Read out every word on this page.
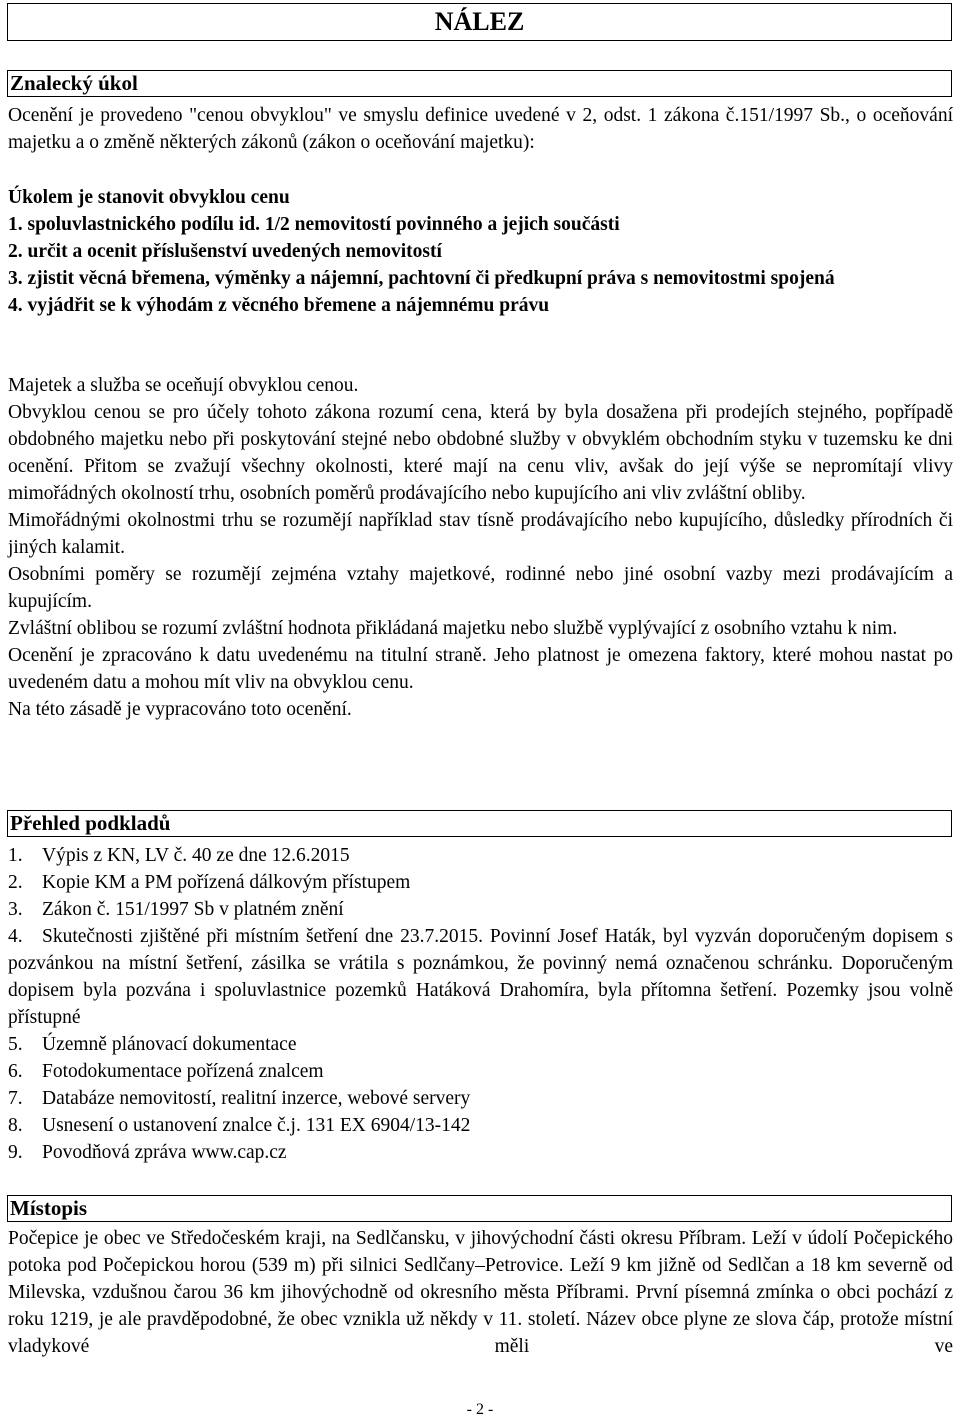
NÁLEZ
Znalecký úkol
Ocenění je provedeno "cenou obvyklou" ve smyslu definice uvedené v 2, odst. 1 zákona č.151/1997 Sb., o oceňování majetku a o změně některých zákonů (zákon o oceňování majetku):

Úkolem je stanovit obvyklou cenu

1. spoluvlastnického podílu id. 1/2 nemovitostí povinného a jejich součásti

2. určit a ocenit příslušenství uvedených nemovitostí

3. zjistit věcná břemena, výměnky a nájemní, pachtovní či předkupní práva s nemovitostmi spojená

4. vyjádřit se k výhodám z věcného břemene a nájemnému právu

Majetek a služba se oceňují obvyklou cenou.

Obvyklou cenou se pro účely tohoto zákona rozumí cena, která by byla dosažena při prodejích stejného, popřípadě obdobného majetku nebo při poskytování stejné nebo obdobné služby v obvyklém obchodním styku v tuzemsku ke dni ocenění. Přitom se zvažují všechny okolnosti, které mají na cenu vliv, avšak do její výše se nepromítají vlivy mimořádných okolností trhu, osobních poměrů prodávajícího nebo kupujícího ani vliv zvláštní obliby.

Mimořádnými okolnostmi trhu se rozumějí například stav tísně prodávajícího nebo kupujícího, důsledky přírodních či jiných kalamit.

Osobními poměry se rozumějí zejména vztahy majetkové, rodinné nebo jiné osobní vazby mezi prodávajícím a kupujícím.

Zvláštní oblibou se rozumí zvláštní hodnota přikládaná majetku nebo službě vyplývající z osobního vztahu k nim.

Ocenění je zpracováno k datu uvedenému na titulní straně. Jeho platnost je omezena faktory, které mohou nastat po uvedeném datu a mohou mít vliv na obvyklou cenu.

Na této zásadě je vypracováno toto ocenění.

Přehled podkladů
1. Výpis z KN, LV č. 40 ze dne 12.6.2015
2. Kopie KM a PM pořízená dálkovým přístupem
3. Zákon č. 151/1997 Sb v platném znění

4. Skutečnosti zjištěné při místním šetření dne 23.7.2015. Povinní Josef Haták, byl vyzván doporučeným dopisem s pozvánkou na místní šetření, zásilka se vrátila s poznámkou, že povinný nemá označenou schránku. Doporučeným dopisem byla pozvána i spoluvlastnice pozemků Hatáková Drahomíra, byla přítomna šetření. Pozemky jsou volně přístupné

5. Územně plánovací dokumentace
6. Fotodokumentace pořízená znalcem
7. Databáze nemovitostí, realitní inzerce, webové servery
8. Usnesení o ustanovení znalce č.j. 131 EX 6904/13-142
9. Povodňová zpráva www.cap.cz
Místopis
Počepice je obec ve Středočeském kraji, na Sedlčansku, v jihovýchodní části okresu Příbram. Leží v údolí Počepického potoka pod Počepickou horou (539 m) při silnici Sedlčany–Petrovice. Leží 9 km jižně od Sedlčan a 18 km severně od Milevska, vzdušnou čarou 36 km jihovýchodně od okresního města Příbrami. První písemná zmínka o obci pochází z roku 1219, je ale pravděpodobné, že obec vznikla už někdy v 11. století. Název obce plyne ze slova čáp, protože místní vladykové měli ve
- 2 -
